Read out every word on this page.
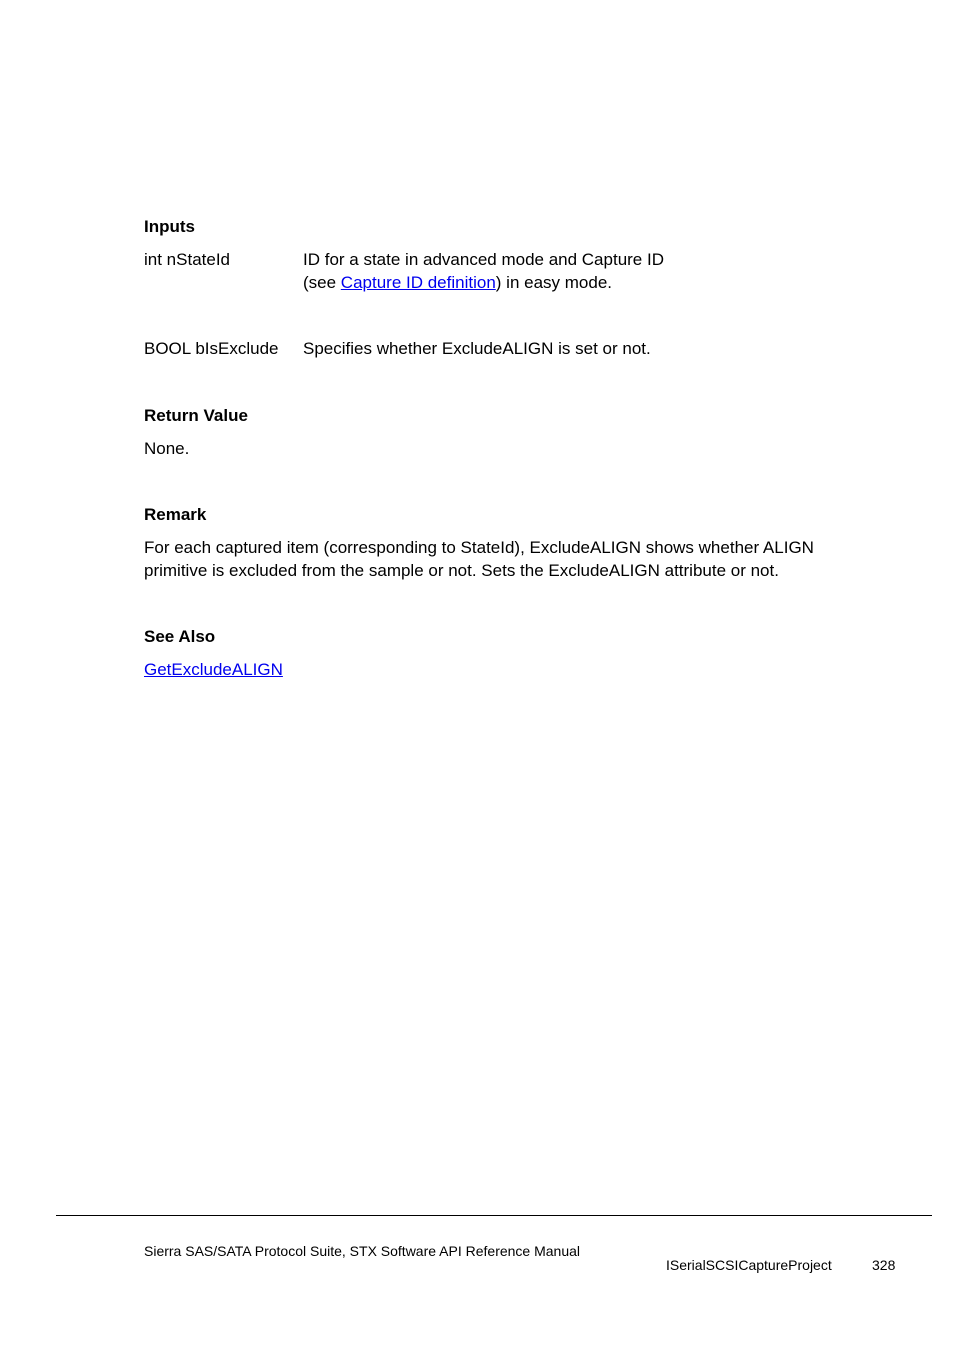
Inputs
int nStateId	ID for a state in advanced mode and Capture ID
(see Capture ID definition) in easy mode.
BOOL bIsExclude Specifies whether ExcludeALIGN is set or not.
Return Value
None.
Remark
For each captured item (corresponding to StateId), ExcludeALIGN shows whether ALIGN
primitive is excluded from the sample or not. Sets the ExcludeALIGN attribute or not.
See Also
GetExcludeALIGN
Sierra SAS/SATA Protocol Suite, STX Software API Reference Manual
ISerialSCSICaptureProject	328
